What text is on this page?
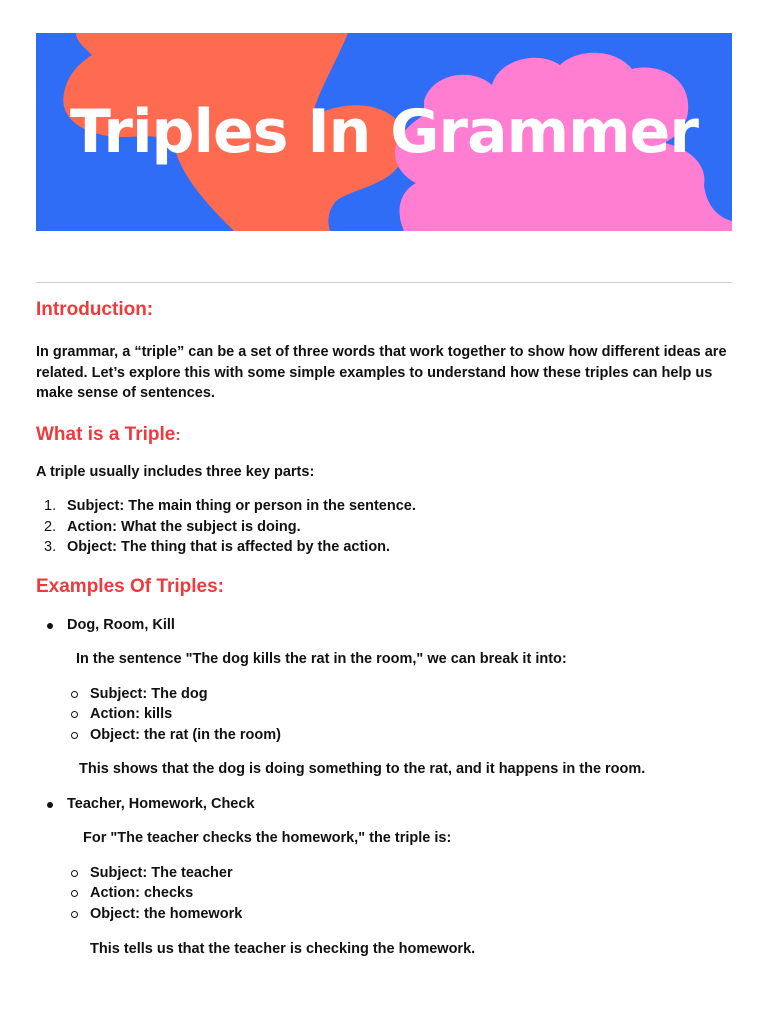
Triples In Grammer
Introduction:

In grammar, a “triple” can be a set of three words that work together to show how different ideas are related. Let’s explore this with some simple examples to understand how these triples can help us make sense of sentences.

What is a Triple:

A triple usually includes three key parts:

1. Subject: The main thing or person in the sentence.
2. Action: What the subject is doing.
3. Object: The thing that is affected by the action.
Examples Of Triples:
Dog, Room, Kill

In the sentence "The dog kills the rat in the room," we can break it into:

Subject: The dog
Action: kills
Object: the rat (in the room)

This shows that the dog is doing something to the rat, and it happens in the room.

Teacher, Homework, Check

For "The teacher checks the homework," the triple is:

Subject: The teacher
Action: checks
Object: the homework

This tells us that the teacher is checking the homework.
